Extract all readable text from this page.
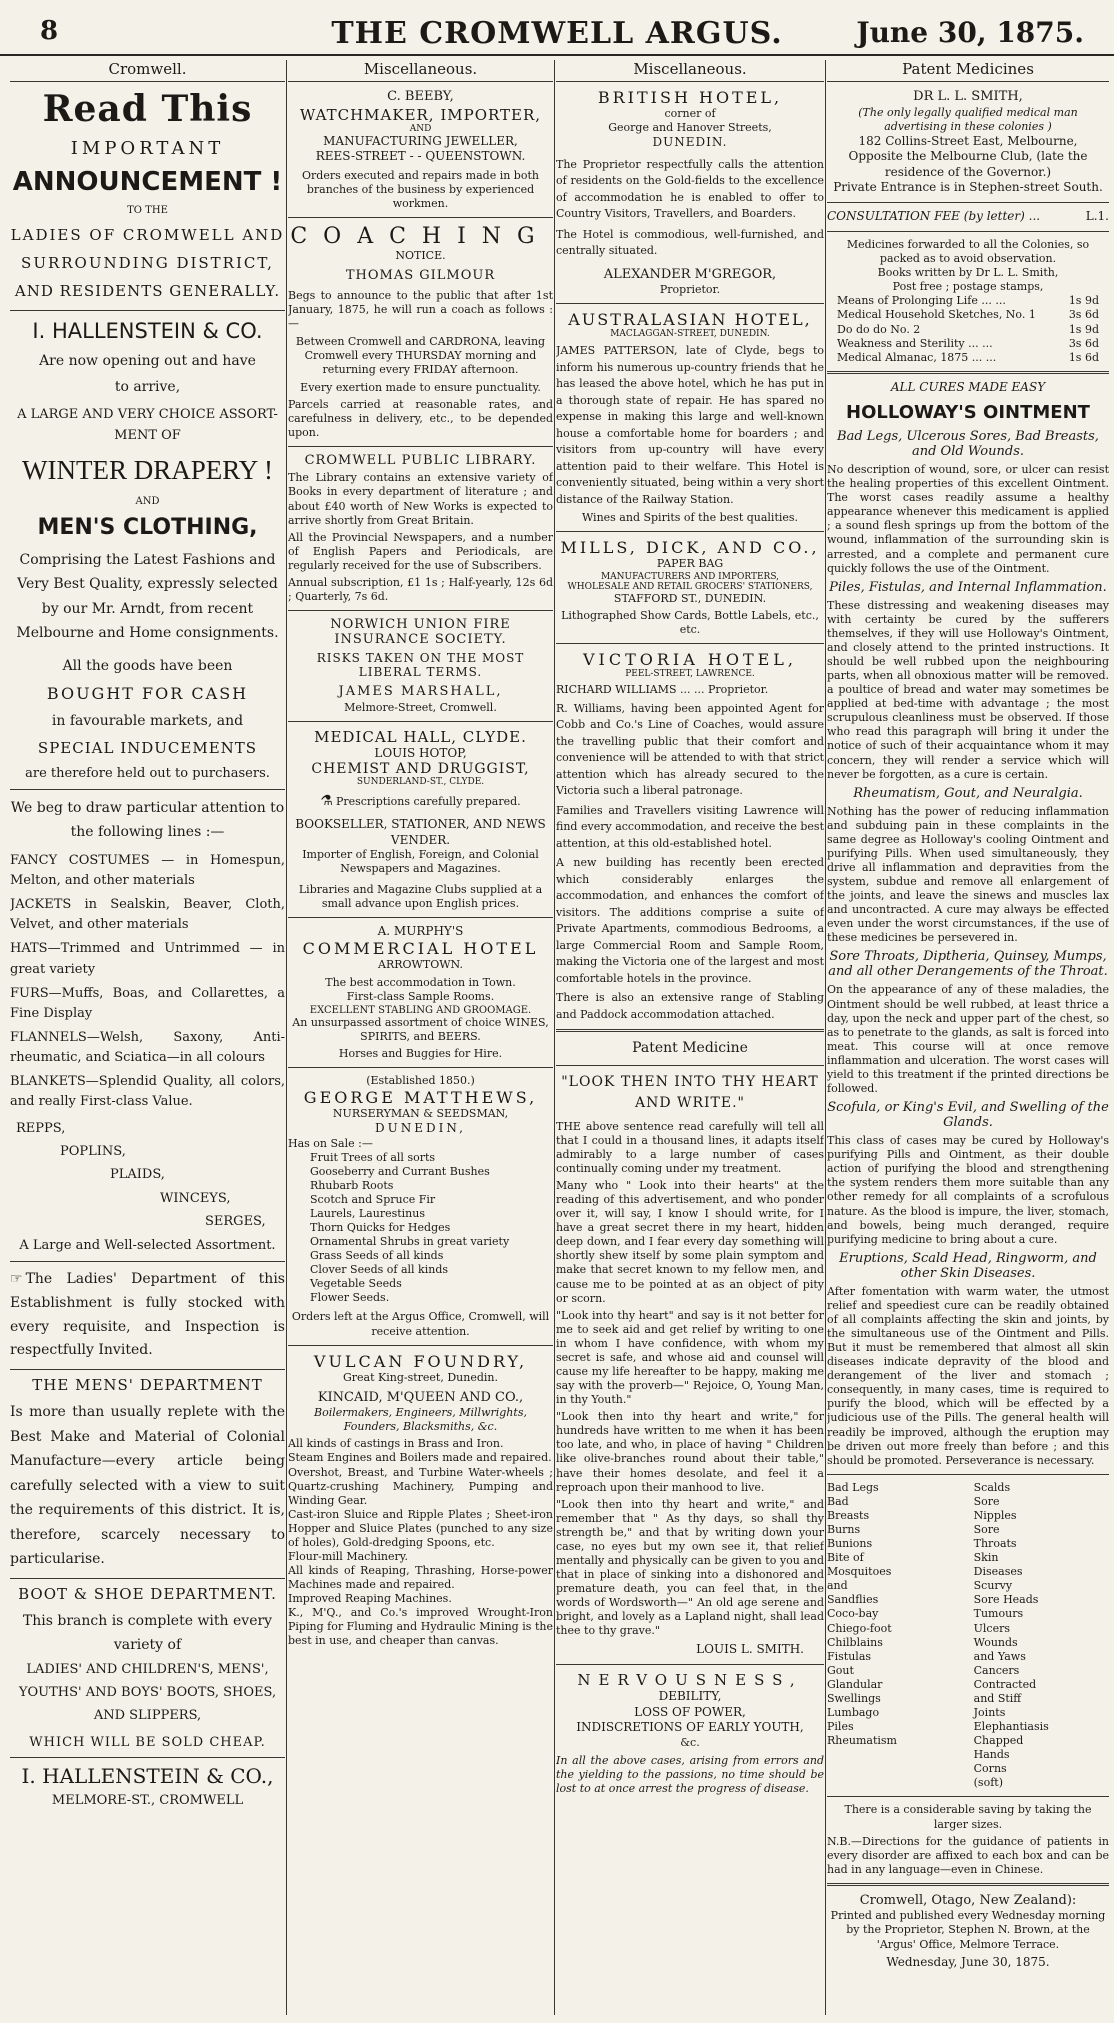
8	THE CROMWELL ARGUS.	June 30, 1875.
Cromwell.
Read This
IMPORTANT
ANNOUNCEMENT !
TO THE
LADIES OF CROMWELL AND
SURROUNDING DISTRICT,
AND RESIDENTS GENERALLY.
I. HALLENSTEIN & CO.
Are now opening out and have
to arrive,
A LARGE AND VERY CHOICE ASSORT-
MENT OF
WINTER DRAPERY !
AND
MEN'S CLOTHING,
Comprising the Latest Fashions and Very Best Quality, expressly selected by our Mr. Arndt, from recent Melbourne and Home consignments.
All the goods have been
BOUGHT FOR CASH
in favourable markets, and
SPECIAL INDUCEMENTS
are therefore held out to purchasers.
We beg to draw particular attention to the following lines :—

FANCY COSTUMES — in Homespun, Melton, and other materials

JACKETS in Sealskin, Beaver, Cloth, Velvet, and other materials

HATS—Trimmed and Untrimmed — in great variety

FURS—Muffs, Boas, and Collarettes, a Fine Display

FLANNELS—Welsh, Saxony, Anti-rheumatic, and Sciatica—in all colours

BLANKETS—Splendid Quality, all colors, and really First-class Value.

REPPS,
POPLINS,
PLAIDS,
WINCEYS,
SERGES,
A Large and Well-selected Assortment.
☞ The Ladies' Department of this Establishment is fully stocked with every requisite, and Inspection is respectfully Invited.
THE MENS' DEPARTMENT
Is more than usually replete with the Best Make and Material of Colonial Manufacture—every article being carefully selected with a view to suit the requirements of this district. It is, therefore, scarcely necessary to particularise.
BOOT & SHOE DEPARTMENT.
This branch is complete with every variety of
LADIES' AND CHILDREN'S, MENS', YOUTHS' AND BOYS' BOOTS, SHOES, AND SLIPPERS,
WHICH WILL BE SOLD CHEAP.
I. HALLENSTEIN & CO.,
MELMORE-ST., CROMWELL
Miscellaneous.
C. BEEBY,
WATCHMAKER, IMPORTER,
AND
MANUFACTURING JEWELLER,
REES-STREET - - QUEENSTOWN.
Orders executed and repairs made in both branches of the business by experienced workmen.
COACHING
NOTICE.
THOMAS GILMOUR
Begs to announce to the public that after 1st January, 1875, he will run a coach as follows :—
Between Cromwell and CARDRONA, leaving Cromwell every THURSDAY morning and returning every FRIDAY afternoon.
Every exertion made to ensure punctuality.
Parcels carried at reasonable rates, and carefulness in delivery, etc., to be depended upon.
CROMWELL PUBLIC LIBRARY.
The Library contains an extensive variety of Books in every department of literature ; and about £40 worth of New Works is expected to arrive shortly from Great Britain.
All the Provincial Newspapers, and a number of English Papers and Periodicals, are regularly received for the use of Subscribers.
Annual subscription, £1 1s ; Half-yearly, 12s 6d ; Quarterly, 7s 6d.
NORWICH UNION FIRE INSURANCE SOCIETY.
RISKS TAKEN ON THE MOST LIBERAL TERMS.
JAMES MARSHALL,
Melmore-Street, Cromwell.
MEDICAL HALL, CLYDE.
LOUIS HOTOP,
CHEMIST AND DRUGGIST,
SUNDERLAND-ST., CLYDE.
⚗ Prescriptions carefully prepared.
BOOKSELLER, STATIONER, AND NEWS VENDER.
Importer of English, Foreign, and Colonial Newspapers and Magazines.
Libraries and Magazine Clubs supplied at a small advance upon English prices.
A. MURPHY'S
COMMERCIAL HOTEL
ARROWTOWN.
The best accommodation in Town.
First-class Sample Rooms.
EXCELLENT STABLING AND GROOMAGE.
An unsurpassed assortment of choice WINES, SPIRITS, and BEERS.
Horses and Buggies for Hire.
(Established 1850.)
GEORGE MATTHEWS,
NURSERYMAN & SEEDSMAN,
DUNEDIN,
Has on Sale :—
Fruit Trees of all sorts
Gooseberry and Currant Bushes
Rhubarb Roots
Scotch and Spruce Fir
Laurels, Laurestinus
Thorn Quicks for Hedges
Ornamental Shrubs in great variety
Grass Seeds of all kinds
Clover Seeds of all kinds
Vegetable Seeds
Flower Seeds.
Orders left at the Argus Office, Cromwell, will receive attention.
VULCAN FOUNDRY,
Great King-street, Dunedin.
KINCAID, M'QUEEN AND CO.,
Boilermakers, Engineers, Millwrights, Founders, Blacksmiths, &c.
All kinds of castings in Brass and Iron.
Steam Engines and Boilers made and repaired.
Overshot, Breast, and Turbine Water-wheels ; Quartz-crushing Machinery, Pumping and Winding Gear.
Cast-iron Sluice and Ripple Plates ; Sheet-iron Hopper and Sluice Plates (punched to any size of holes), Gold-dredging Spoons, etc.
Flour-mill Machinery.
All kinds of Reaping, Thrashing, Horse-power Machines made and repaired.
Improved Reaping Machines.
K., M'Q., and Co.'s improved Wrought-Iron Piping for Fluming and Hydraulic Mining is the best in use, and cheaper than canvas.
Miscellaneous.
BRITISH HOTEL,
corner of
George and Hanover Streets,
DUNEDIN.
The Proprietor respectfully calls the attention of residents on the Gold-fields to the excellence of accommodation he is enabled to offer to Country Visitors, Travellers, and Boarders.
The Hotel is commodious, well-furnished, and centrally situated.
ALEXANDER M'GREGOR,
Proprietor.
AUSTRALASIAN HOTEL,
MACLAGGAN-STREET, DUNEDIN.
JAMES PATTERSON, late of Clyde, begs to inform his numerous up-country friends that he has leased the above hotel, which he has put in a thorough state of repair. He has spared no expense in making this large and well-known house a comfortable home for boarders ; and visitors from up-country will have every attention paid to their welfare. This Hotel is conveniently situated, being within a very short distance of the Railway Station.
Wines and Spirits of the best qualities.
MILLS, DICK, AND CO.,
PAPER BAG
MANUFACTURERS AND IMPORTERS,
WHOLESALE AND RETAIL GROCERS' STATIONERS,
STAFFORD ST., DUNEDIN.
Lithographed Show Cards, Bottle Labels, etc., etc.
VICTORIA HOTEL,
PEEL-STREET, LAWRENCE.
RICHARD WILLIAMS ... ... Proprietor.
R. Williams, having been appointed Agent for Cobb and Co.'s Line of Coaches, would assure the travelling public that their comfort and convenience will be attended to with that strict attention which has already secured to the Victoria such a liberal patronage.
Families and Travellers visiting Lawrence will find every accommodation, and receive the best attention, at this old-established hotel.
A new building has recently been erected which considerably enlarges the accommodation, and enhances the comfort of visitors. The additions comprise a suite of Private Apartments, commodious Bedrooms, a large Commercial Room and Sample Room, making the Victoria one of the largest and most comfortable hotels in the province.
There is also an extensive range of Stabling and Paddock accommodation attached.
Patent Medicine
"LOOK THEN INTO THY HEART AND WRITE."
THE above sentence read carefully will tell all that I could in a thousand lines, it adapts itself admirably to a large number of cases continually coming under my treatment.
Many who " Look into their hearts" at the reading of this advertisement, and who ponder over it, will say, I know I should write, for I have a great secret there in my heart, hidden deep down, and I fear every day something will shortly shew itself by some plain symptom and make that secret known to my fellow men, and cause me to be pointed at as an object of pity or scorn.
"Look into thy heart" and say is it not better for me to seek aid and get relief by writing to one in whom I have confidence, with whom my secret is safe, and whose aid and counsel will cause my life hereafter to be happy, making me say with the proverb—" Rejoice, O, Young Man, in thy Youth."
"Look then into thy heart and write," for hundreds have written to me when it has been too late, and who, in place of having " Children like olive-branches round about their table," have their homes desolate, and feel it a reproach upon their manhood to live.
"Look then into thy heart and write," and remember that " As thy days, so shall thy strength be," and that by writing down your case, no eyes but my own see it, that relief mentally and physically can be given to you and that in place of sinking into a dishonored and premature death, you can feel that, in the words of Wordsworth—" An old age serene and bright, and lovely as a Lapland night, shall lead thee to thy grave."
LOUIS L. SMITH.
NERVOUSNESS,
DEBILITY,
LOSS OF POWER,
INDISCRETIONS OF EARLY YOUTH,
&c.
In all the above cases, arising from errors and the yielding to the passions, no time should be lost to at once arrest the progress of disease.
Patent Medicines
DR L. L. SMITH,
(The only legally qualified medical man advertising in these colonies )
182 Collins-Street East, Melbourne,
Opposite the Melbourne Club, (late the residence of the Governor.)
Private Entrance is in Stephen-street South.
CONSULTATION FEE (by letter) ...	L.1.
Medicines forwarded to all the Colonies, so packed as to avoid observation.
Books written by Dr L. L. Smith,
Post free ; postage stamps,
Means of Prolonging Life ... ...	1s 9d
Medical Household Sketches, No. 1	3s 6d
Do do do No. 2	1s 9d
Weakness and Sterility ... ...	3s 6d
Medical Almanac, 1875 ... ...	1s 6d
ALL CURES MADE EASY
HOLLOWAY'S OINTMENT
Bad Legs, Ulcerous Sores, Bad Breasts, and Old Wounds.
No description of wound, sore, or ulcer can resist the healing properties of this excellent Ointment. The worst cases readily assume a healthy appearance whenever this medicament is applied ; a sound flesh springs up from the bottom of the wound, inflammation of the surrounding skin is arrested, and a complete and permanent cure quickly follows the use of the Ointment.
Piles, Fistulas, and Internal Inflammation.
These distressing and weakening diseases may with certainty be cured by the sufferers themselves, if they will use Holloway's Ointment, and closely attend to the printed instructions. It should be well rubbed upon the neighbouring parts, when all obnoxious matter will be removed. a poultice of bread and water may sometimes be applied at bed-time with advantage ; the most scrupulous cleanliness must be observed. If those who read this paragraph will bring it under the notice of such of their acquaintance whom it may concern, they will render a service which will never be forgotten, as a cure is certain.
Rheumatism, Gout, and Neuralgia.
Nothing has the power of reducing inflammation and subduing pain in these complaints in the same degree as Holloway's cooling Ointment and purifying Pills. When used simultaneously, they drive all inflammation and depravities from the system, subdue and remove all enlargement of the joints, and leave the sinews and muscles lax and uncontracted. A cure may always be effected even under the worst circumstances, if the use of these medicines be persevered in.
Sore Throats, Diptheria, Quinsey, Mumps, and all other Derangements of the Throat.
On the appearance of any of these maladies, the Ointment should be well rubbed, at least thrice a day, upon the neck and upper part of the chest, so as to penetrate to the glands, as salt is forced into meat. This course will at once remove inflammation and ulceration. The worst cases will yield to this treatment if the printed directions be followed.
Scofula, or King's Evil, and Swelling of the Glands.
This class of cases may be cured by Holloway's purifying Pills and Ointment, as their double action of purifying the blood and strengthening the system renders them more suitable than any other remedy for all complaints of a scrofulous nature. As the blood is impure, the liver, stomach, and bowels, being much deranged, require purifying medicine to bring about a cure.
Eruptions, Scald Head, Ringworm, and other Skin Diseases.
After fomentation with warm water, the utmost relief and speediest cure can be readily obtained of all complaints affecting the skin and joints, by the simultaneous use of the Ointment and Pills. But it must be remembered that almost all skin diseases indicate depravity of the blood and derangement of the liver and stomach ; consequently, in many cases, time is required to purify the blood, which will be effected by a judicious use of the Pills. The general health will readily be improved, although the eruption may be driven out more freely than before ; and this should be promoted. Perseverance is necessary.
Bad Legs
Bad Breasts
Burns
Bunions
Bite of Mosquitoes
and Sandflies
Coco-bay
Chiego-foot
Chilblains
Fistulas
Gout
Glandular Swellings
Lumbago
Piles
Rheumatism
Scalds
Sore Nipples
Sore Throats
Skin Diseases
Scurvy
Sore Heads
Tumours
Ulcers
Wounds and Yaws
Cancers
Contracted and Stiff
Joints
Elephantiasis
Chapped Hands
Corns (soft)
There is a considerable saving by taking the larger sizes.
N.B.—Directions for the guidance of patients in every disorder are affixed to each box and can be had in any language—even in Chinese.
Cromwell, Otago, New Zealand):
Printed and published every Wednesday morning by the Proprietor, Stephen N. Brown, at the 'Argus' Office, Melmore Terrace.
Wednesday, June 30, 1875.
